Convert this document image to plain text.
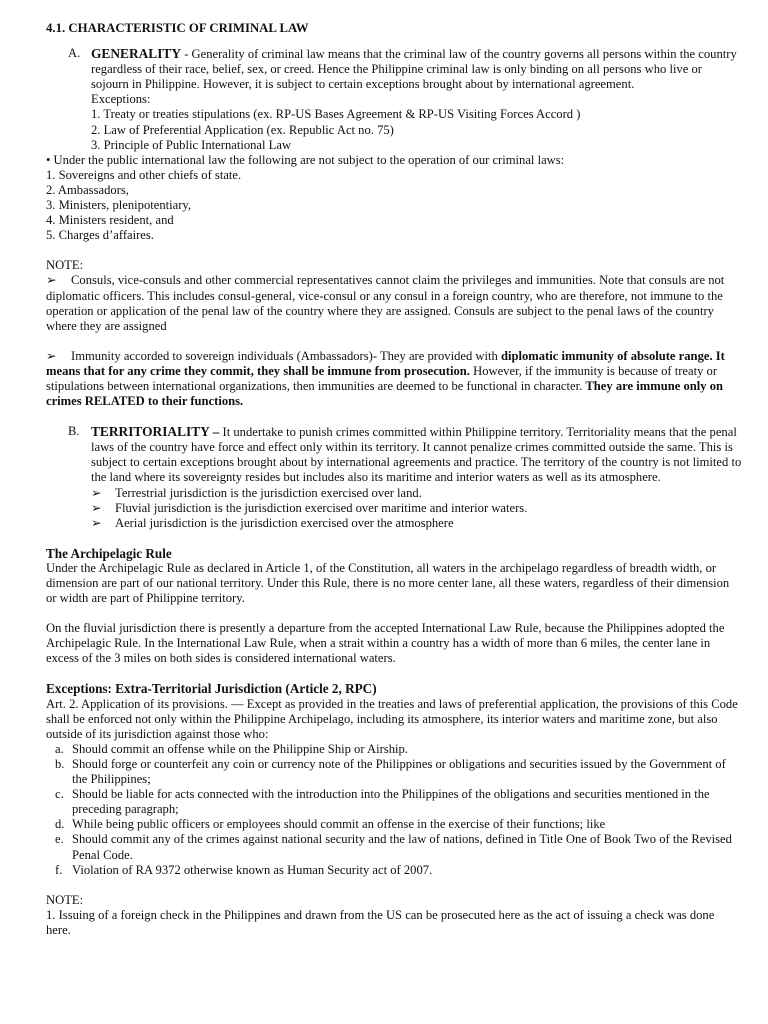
4.1. CHARACTERISTIC OF CRIMINAL LAW

A. GENERALITY - Generality of criminal law means that the criminal law of the country governs all persons within the country regardless of their race, belief, sex, or creed. Hence the Philippine criminal law is only binding on all persons who live or sojourn in Philippine. However, it is subject to certain exceptions brought about by international agreement.

Exceptions:

1. Treaty or treaties stipulations (ex. RP-US Bases Agreement & RP-US Visiting Forces Accord )

2. Law of Preferential Application (ex. Republic Act no. 75)

3. Principle of Public International Law

• Under the public international law the following are not subject to the operation of our criminal laws:

1. Sovereigns and other chiefs of state.

2. Ambassadors,

3. Ministers, plenipotentiary,

4. Ministers resident, and

5. Charges d’affaires.

NOTE:

➢ Consuls, vice-consuls and other commercial representatives cannot claim the privileges and immunities. Note that consuls are not diplomatic officers. This includes consul-general, vice-consul or any consul in a foreign country, who are therefore, not immune to the operation or application of the penal law of the country where they are assigned. Consuls are subject to the penal laws of the country where they are assigned

➢ Immunity accorded to sovereign individuals (Ambassadors)- They are provided with diplomatic immunity of absolute range. It means that for any crime they commit, they shall be immune from prosecution. However, if the immunity is because of treaty or stipulations between international organizations, then immunities are deemed to be functional in character. They are immune only on crimes RELATED to their functions.

B. TERRITORIALITY – It undertake to punish crimes committed within Philippine territory. Territoriality means that the penal laws of the country have force and effect only within its territory. It cannot penalize crimes committed outside the same. This is subject to certain exceptions brought about by international agreements and practice. The territory of the country is not limited to the land where its sovereignty resides but includes also its maritime and interior waters as well as its atmosphere.

➢ Terrestrial jurisdiction is the jurisdiction exercised over land.
➢ Fluvial jurisdiction is the jurisdiction exercised over maritime and interior waters.
➢ Aerial jurisdiction is the jurisdiction exercised over the atmosphere

The Archipelagic Rule

Under the Archipelagic Rule as declared in Article 1, of the Constitution, all waters in the archipelago regardless of breadth width, or dimension are part of our national territory. Under this Rule, there is no more center lane, all these waters, regardless of their dimension or width are part of Philippine territory.

On the fluvial jurisdiction there is presently a departure from the accepted International Law Rule, because the Philippines adopted the Archipelagic Rule. In the International Law Rule, when a strait within a country has a width of more than 6 miles, the center lane in excess of the 3 miles on both sides is considered international waters.

Exceptions: Extra-Territorial Jurisdiction (Article 2, RPC)

Art. 2. Application of its provisions. — Except as provided in the treaties and laws of preferential application, the provisions of this Code shall be enforced not only within the Philippine Archipelago, including its atmosphere, its interior waters and maritime zone, but also outside of its jurisdiction against those who:

a. Should commit an offense while on the Philippine Ship or Airship.
b. Should forge or counterfeit any coin or currency note of the Philippines or obligations and securities issued by the Government of the Philippines;
c. Should be liable for acts connected with the introduction into the Philippines of the obligations and securities mentioned in the preceding paragraph;
d. While being public officers or employees should commit an offense in the exercise of their functions; like
e. Should commit any of the crimes against national security and the law of nations, defined in Title One of Book Two of the Revised Penal Code.
f. Violation of RA 9372 otherwise known as Human Security act of 2007.

NOTE:

1. Issuing of a foreign check in the Philippines and drawn from the US can be prosecuted here as the act of issuing a check was done here.
